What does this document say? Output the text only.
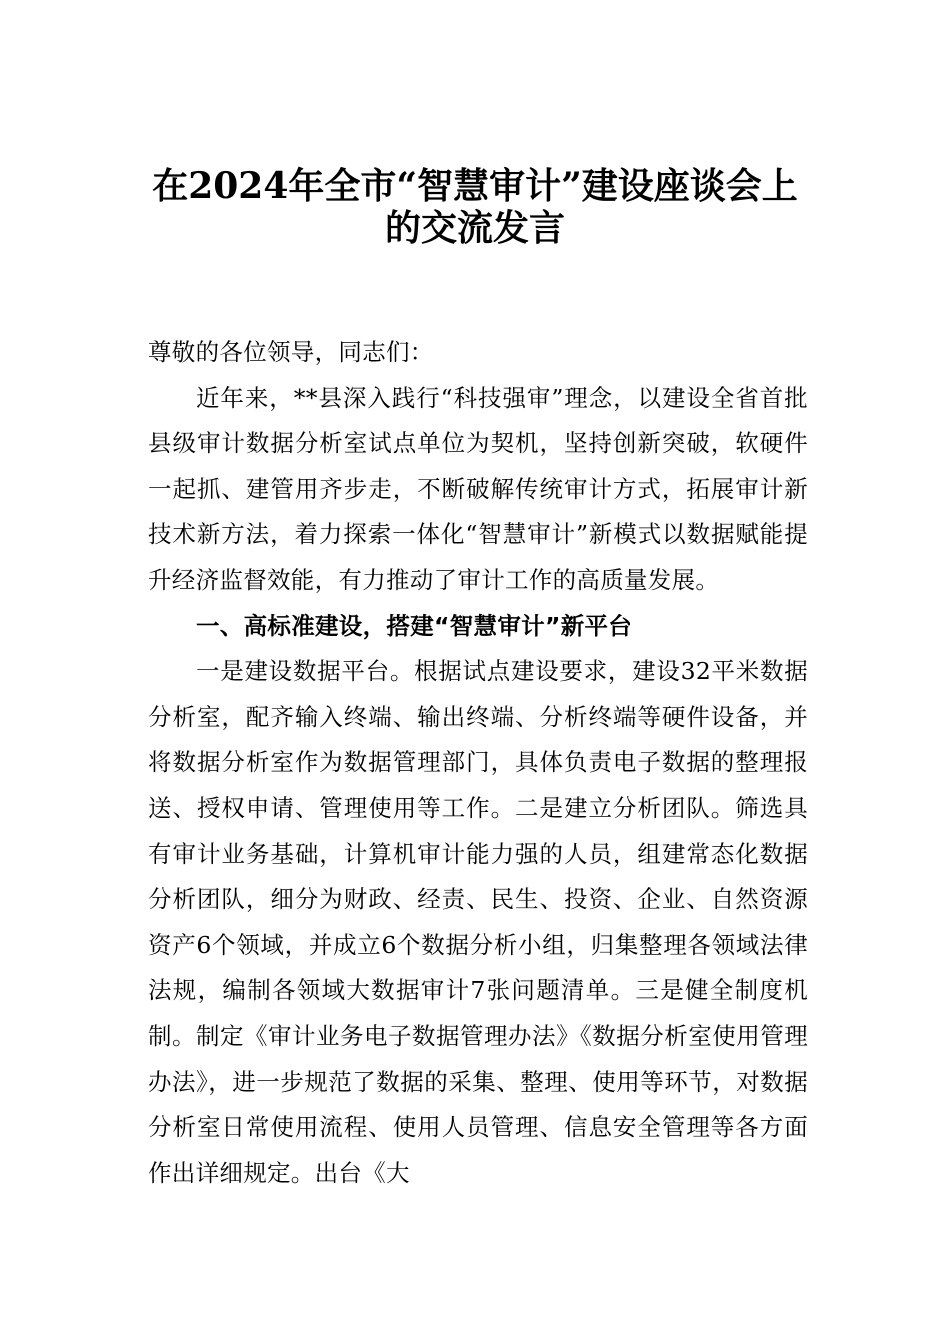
在2024年全市“智慧审计”建设座谈会上
的交流发言

尊敬的各位领导，同志们：

近年来，**县深入践行“科技强审”理念，以建设全省首批县级审计数据分析室试点单位为契机，坚持创新突破，软硬件一起抓、建管用齐步走，不断破解传统审计方式，拓展审计新技术新方法，着力探索一体化“智慧审计”新模式以数据赋能提升经济监督效能，有力推动了审计工作的高质量发展。

一、高标准建设，搭建“智慧审计”新平台

一是建设数据平台。根据试点建设要求，建设32平米数据分析室，配齐输入终端、输出终端、分析终端等硬件设备，并将数据分析室作为数据管理部门，具体负责电子数据的整理报送、授权申请、管理使用等工作。二是建立分析团队。筛选具有审计业务基础，计算机审计能力强的人员，组建常态化数据分析团队，细分为财政、经责、民生、投资、企业、自然资源资产6个领域，并成立6个数据分析小组，归集整理各领域法律法规，编制各领域大数据审计7张问题清单。三是健全制度机制。制定《审计业务电子数据管理办法》《数据分析室使用管理办法》，进一步规范了数据的采集、整理、使用等环节，对数据分析室日常使用流程、使用人员管理、信息安全管理等各方面作出详细规定。出台《大
